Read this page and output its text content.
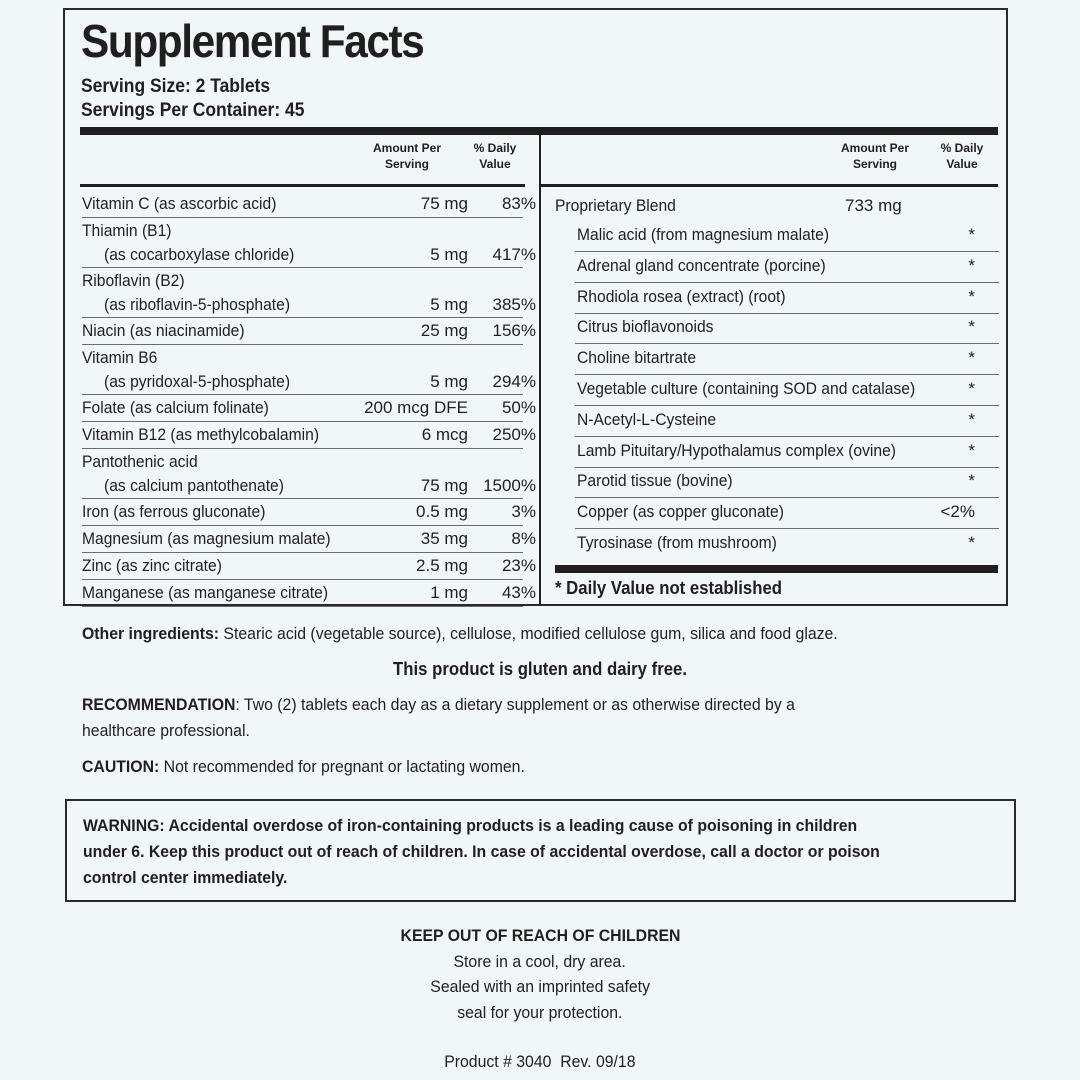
Supplement Facts
Serving Size: 2 Tablets
Servings Per Container: 45
Amount Per
Serving
% Daily
Value
Amount Per
Serving
% Daily
Value
Vitamin C (as ascorbic acid)	75 mg	83%
Thiamin (B1)
(as cocarboxylase chloride)	5 mg	417%
Riboflavin (B2)
(as riboflavin-5-phosphate)	5 mg	385%
Niacin (as niacinamide)	25 mg	156%
Vitamin B6
(as pyridoxal-5-phosphate)	5 mg	294%
Folate (as calcium folinate)	200 mcg DFE	50%
Vitamin B12 (as methylcobalamin)	6 mcg	250%
Pantothenic acid
(as calcium pantothenate)	75 mg 1500%
Iron (as ferrous gluconate)	0.5 mg	3%
Magnesium (as magnesium malate)	35 mg	8%
Zinc (as zinc citrate)	2.5 mg	23%
Manganese (as manganese citrate)	1 mg	43%
Proprietary Blend	733 mg
Malic acid (from magnesium malate)	*
Adrenal gland concentrate (porcine)	*
Rhodiola rosea (extract) (root)	*
Citrus bioflavonoids	*
Choline bitartrate	*
Vegetable culture (containing SOD and catalase)	*
N-Acetyl-L-Cysteine	*
Lamb Pituitary/Hypothalamus complex (ovine)	*
Parotid tissue (bovine)	*
Copper (as copper gluconate)	<2%
Tyrosinase (from mushroom)	*
* Daily Value not established
Other ingredients: Stearic acid (vegetable source), cellulose, modified cellulose gum, silica and food glaze.
This product is gluten and dairy free.
RECOMMENDATION: Two (2) tablets each day as a dietary supplement or as otherwise directed by a
healthcare professional.
CAUTION: Not recommended for pregnant or lactating women.
WARNING: Accidental overdose of iron-containing products is a leading cause of poisoning in children
under 6. Keep this product out of reach of children. In case of accidental overdose, call a doctor or poison
control center immediately.
KEEP OUT OF REACH OF CHILDREN
Store in a cool, dry area.
Sealed with an imprinted safety
seal for your protection.
Product # 3040  Rev. 09/18
